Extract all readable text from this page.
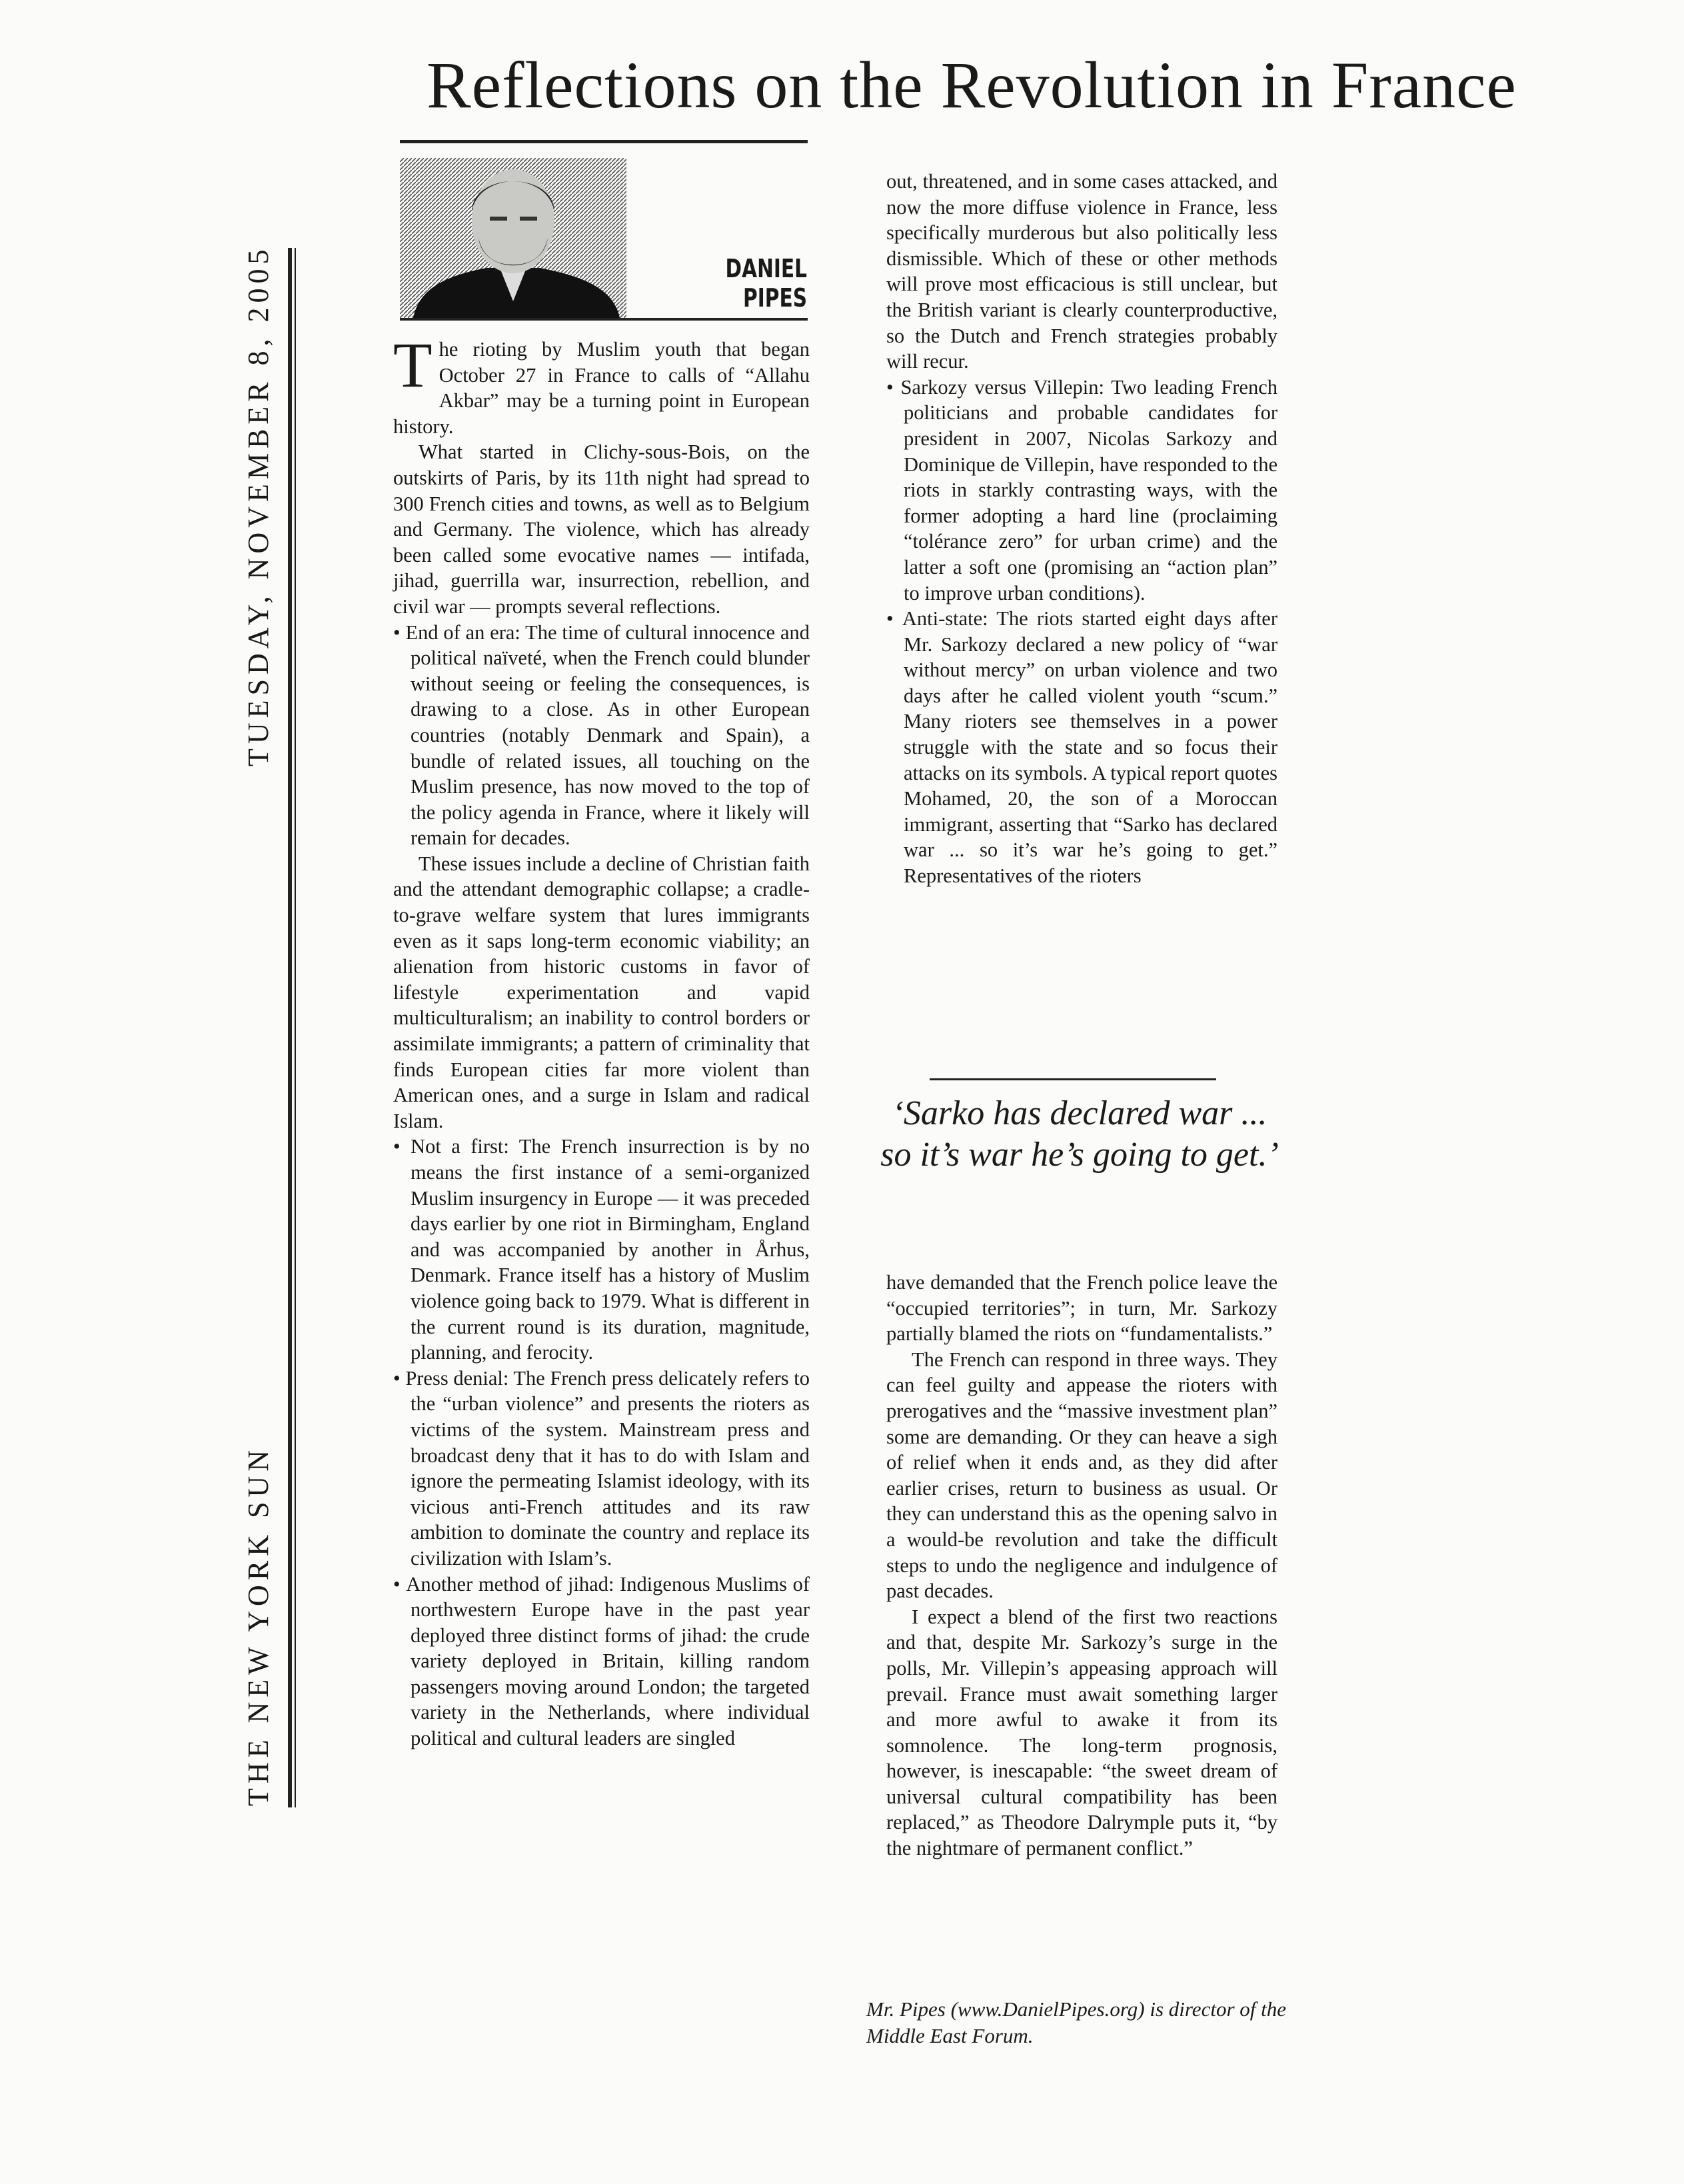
Reflections on the Revolution in France
TUESDAY, NOVEMBER 8, 2005
THE NEW YORK SUN
DANIEL
PIPES

The rioting by Muslim youth that began October 27 in France to calls of “Allahu Akbar” may be a turning point in European history.

What started in Clichy-sous-Bois, on the outskirts of Paris, by its 11th night had spread to 300 French cities and towns, as well as to Belgium and Germany. The violence, which has already been called some evocative names — intifada, jihad, guerrilla war, insurrection, rebellion, and civil war — prompts several reflections.

• End of an era: The time of cultural innocence and political naïveté, when the French could blunder without seeing or feeling the consequences, is drawing to a close. As in other European countries (notably Denmark and Spain), a bundle of related issues, all touching on the Muslim presence, has now moved to the top of the policy agenda in France, where it likely will remain for decades.

These issues include a decline of Christian faith and the attendant demographic collapse; a cradle-to-grave welfare system that lures immigrants even as it saps long-term economic viability; an alienation from historic customs in favor of lifestyle experimentation and vapid multiculturalism; an inability to control borders or assimilate immigrants; a pattern of criminality that finds European cities far more violent than American ones, and a surge in Islam and radical Islam.

• Not a first: The French insurrection is by no means the first instance of a semi-organized Muslim insurgency in Europe — it was preceded days earlier by one riot in Birmingham, England and was accompanied by another in Århus, Denmark. France itself has a history of Muslim violence going back to 1979. What is different in the current round is its duration, magnitude, planning, and ferocity.

• Press denial: The French press delicately refers to the “urban violence” and presents the rioters as victims of the system. Mainstream press and broadcast deny that it has to do with Islam and ignore the permeating Islamist ideology, with its vicious anti-French attitudes and its raw ambition to dominate the country and replace its civilization with Islam’s.

• Another method of jihad: Indigenous Muslims of northwestern Europe have in the past year deployed three distinct forms of jihad: the crude variety deployed in Britain, killing random passengers moving around London; the targeted variety in the Netherlands, where individual political and cultural leaders are singled

out, threatened, and in some cases attacked, and now the more diffuse violence in France, less specifically murderous but also politically less dismissible. Which of these or other methods will prove most efficacious is still unclear, but the British variant is clearly counterproductive, so the Dutch and French strategies probably will recur.

• Sarkozy versus Villepin: Two leading French politicians and probable candidates for president in 2007, Nicolas Sarkozy and Dominique de Villepin, have responded to the riots in starkly contrasting ways, with the former adopting a hard line (proclaiming “tolérance zero” for urban crime) and the latter a soft one (promising an “action plan” to improve urban conditions).

• Anti-state: The riots started eight days after Mr. Sarkozy declared a new policy of “war without mercy” on urban violence and two days after he called violent youth “scum.” Many rioters see themselves in a power struggle with the state and so focus their attacks on its symbols. A typical report quotes Mohamed, 20, the son of a Moroccan immigrant, asserting that “Sarko has declared war ... so it’s war he’s going to get.” Representatives of the rioters

‘Sarko has declared war ... so it’s war he’s going to get.’

have demanded that the French police leave the “occupied territories”; in turn, Mr. Sarkozy partially blamed the riots on “fundamentalists.”

The French can respond in three ways. They can feel guilty and appease the rioters with prerogatives and the “massive investment plan” some are demanding. Or they can heave a sigh of relief when it ends and, as they did after earlier crises, return to business as usual. Or they can understand this as the opening salvo in a would-be revolution and take the difficult steps to undo the negligence and indulgence of past decades.

I expect a blend of the first two reactions and that, despite Mr. Sarkozy’s surge in the polls, Mr. Villepin’s appeasing approach will prevail. France must await something larger and more awful to awake it from its somnolence. The long-term prognosis, however, is inescapable: “the sweet dream of universal cultural compatibility has been replaced,” as Theodore Dalrymple puts it, “by the nightmare of permanent conflict.”

Mr. Pipes (www.DanielPipes.org) is director of the Middle East Forum.
